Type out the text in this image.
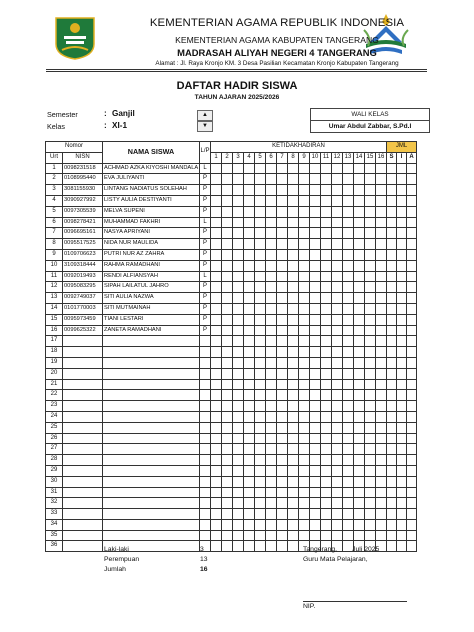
KEMENTERIAN AGAMA REPUBLIK INDONESIA
KEMENTERIAN AGAMA KABUPATEN TANGERANG
MADRASAH ALIYAH NEGERI 4 TANGERANG
Alamat : Jl. Raya Kronjo KM. 3 Desa Pasilian Kecamatan Kronjo Kabupaten Tangerang
DAFTAR HADIR SISWA
TAHUN AJARAN 2025/2026
Semester	: Ganjil	▲
Kelas	: XI-1	▼
WALI KELAS
Umar Abdul Zabbar, S.Pd.I
Nomor		NAMA SISWA	L/P	KETIDAKHADIRAN																JML		
Urt	NISN			1	2	3	4	5	6	7	8	9	10	11	12	13	14	15	16	S	I	A
1	0098231518	ACHMAD AZKA KIYOSHI MANDALA	L																			
2	0108995440	EVA JULIYANTI	P																			
3	3081155930	LINTANG NADIATUS SOLEHAH	P																			
4	3090927992	LISTY AULIA DESTIYANTI	P																			
5	0097305539	MELVA SUPENI	P																			
6	0098278421	MUHAMMAD FAKHRI	L																			
7	0096695161	NASYA APRIYANI	P																			
8	0095517525	NIDA NUR MAULIDA	P																			
9	0109706623	PUTRI NUR AZ ZAHRA	P																			
10	3109318444	RAHMA RAMADHANI	P																			
11	0092019493	RENDI ALFIANSYAH	L																			
12	0095083295	SIPAH LAILATUL JAHRO	P																			
13	0092749037	SITI AULIA NAZWA	P																			
14	0101770003	SITI MUTMAINAH	P																			
15	0095973459	TIANI LESTARI	P																			
16	0099625322	ZANETA RAMADHANI	P																			
17																						
18																						
19																						
20																						
21																						
22																						
23																						
24																						
25																						
26																						
27																						
28																						
29																						
30																						
31																						
32																						
33																						
34																						
35																						
36																						
Laki-laki	3
Perempuan	13
Jumlah	16
Tangerang,        Juli 2025
Guru Mata Pelajaran,
NIP.
